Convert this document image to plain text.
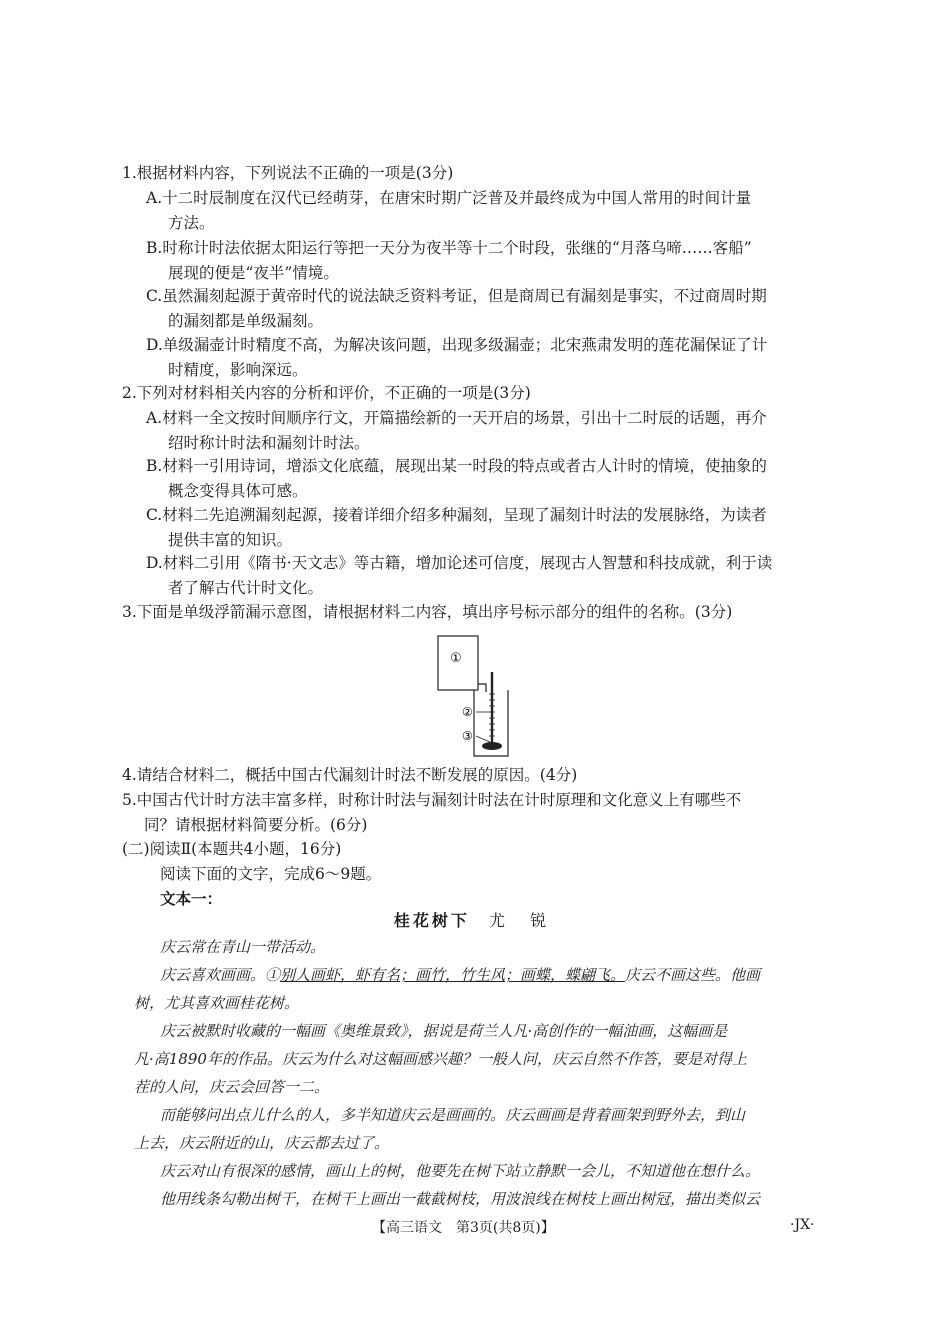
1.根据材料内容，下列说法不正确的一项是(3分)
A.十二时辰制度在汉代已经萌芽，在唐宋时期广泛普及并最终成为中国人常用的时间计量
方法。
B.时称计时法依据太阳运行等把一天分为夜半等十二个时段，张继的“月落乌啼……客船”
展现的便是“夜半”情境。
C.虽然漏刻起源于黄帝时代的说法缺乏资料考证，但是商周已有漏刻是事实，不过商周时期
的漏刻都是单级漏刻。
D.单级漏壶计时精度不高，为解决该问题，出现多级漏壶；北宋燕肃发明的莲花漏保证了计
时精度，影响深远。
2.下列对材料相关内容的分析和评价，不正确的一项是(3分)
A.材料一全文按时间顺序行文，开篇描绘新的一天开启的场景，引出十二时辰的话题，再介
绍时称计时法和漏刻计时法。
B.材料一引用诗词，增添文化底蕴，展现出某一时段的特点或者古人计时的情境，使抽象的
概念变得具体可感。
C.材料二先追溯漏刻起源，接着详细介绍多种漏刻，呈现了漏刻计时法的发展脉络，为读者
提供丰富的知识。
D.材料二引用《隋书·天文志》等古籍，增加论述可信度，展现古人智慧和科技成就，利于读
者了解古代计时文化。
3.下面是单级浮箭漏示意图，请根据材料二内容，填出序号标示部分的组件的名称。(3分)
①
②
③
4.请结合材料二，概括中国古代漏刻计时法不断发展的原因。(4分)
5.中国古代计时方法丰富多样，时称计时法与漏刻计时法在计时原理和文化意义上有哪些不
同？请根据材料简要分析。(6分)
(二)阅读Ⅱ(本题共4小题，16分)
阅读下面的文字，完成6～9题。
文本一：
桂花树下 尤 锐
庆云常在青山一带活动。
庆云喜欢画画。①别人画虾，虾有名；画竹，竹生风；画蝶，蝶翩飞。庆云不画这些。他画
树，尤其喜欢画桂花树。
庆云被默时收藏的一幅画《奥维景致》，据说是荷兰人凡·高创作的一幅油画，这幅画是
凡·高1890年的作品。庆云为什么对这幅画感兴趣？一般人问，庆云自然不作答，要是对得上
茬的人问，庆云会回答一二。
而能够问出点儿什么的人，多半知道庆云是画画的。庆云画画是背着画架到野外去，到山
上去，庆云附近的山，庆云都去过了。
庆云对山有很深的感情，画山上的树，他要先在树下站立静默一会儿，不知道他在想什么。
他用线条勾勒出树干，在树干上画出一截截树枝，用波浪线在树枝上画出树冠，描出类似云
【高三语文　第3页(共8页)】	·JX·
